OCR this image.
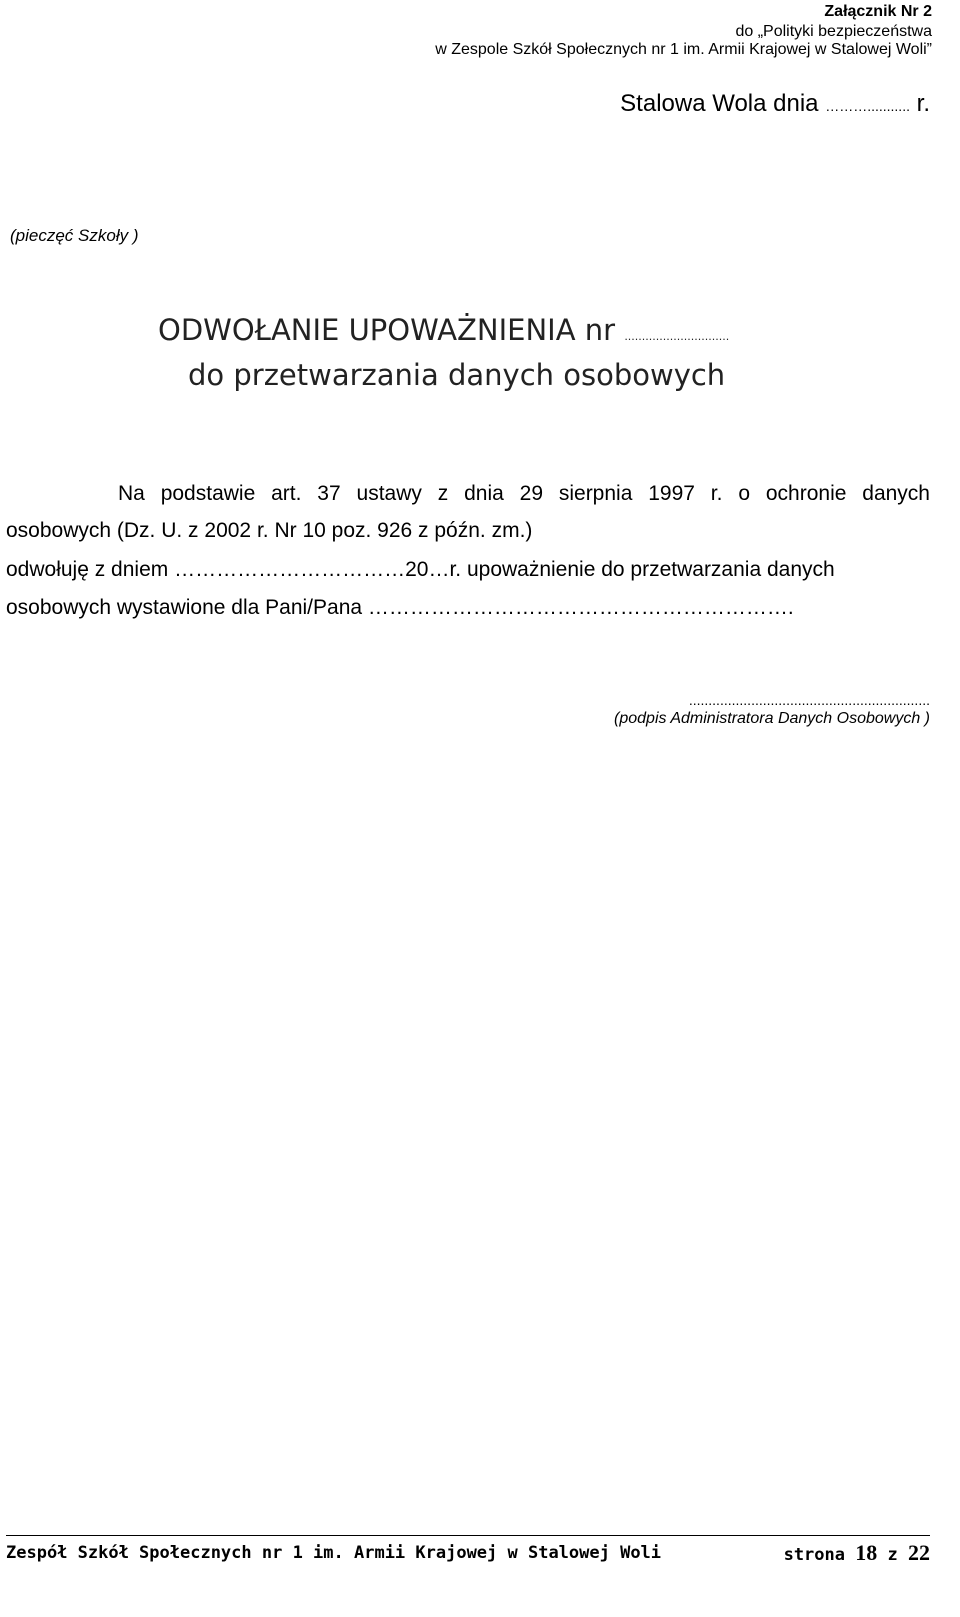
Załącznik Nr 2
do „Polityki bezpieczeństwa
w Zespole Szkół Społecznych nr 1 im. Armii Krajowej w Stalowej Woli”
Stalowa Wola dnia ………........... r.
(pieczęć Szkoły )
ODWOŁANIE UPOWAŻNIENIA nr ..............................
do przetwarzania danych osobowych
Na podstawie art. 37 ustawy z dnia 29 sierpnia 1997 r. o ochronie danych
osobowych (Dz. U. z 2002 r. Nr 10 poz. 926 z późn. zm.)
odwołuję z dniem ……………………………20…r. upoważnienie do przetwarzania danych
osobowych wystawione dla Pani/Pana …………………………………………………….
..............................................................
(podpis Administratora Danych Osobowych )
Zespół Szkół Społecznych nr 1 im. Armii Krajowej w Stalowej Woli	strona 18 z 22
